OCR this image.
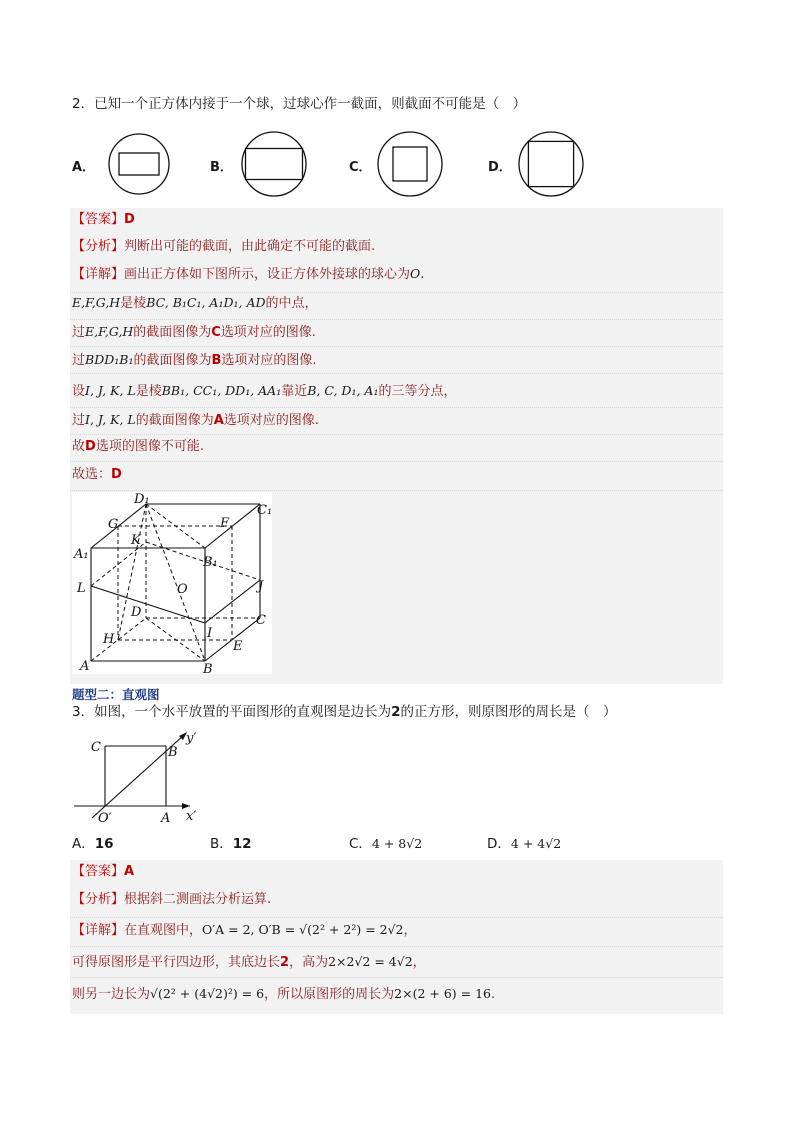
2．已知一个正方体内接于一个球，过球心作一截面，则截面不可能是（　）
A．	B．	C．	D．
【答案】D
【分析】判断出可能的截面，由此确定不可能的截面.
【详解】画出正方体如下图所示，设正方体外接球的球心为O.
E,F,G,H是棱BC, B₁C₁, A₁D₁, AD的中点，
过E,F,G,H的截面图像为C选项对应的图像.
过BDD₁B₁的截面图像为B选项对应的图像.
设I, J, K, L是棱BB₁, CC₁, DD₁, AA₁靠近B, C, D₁, A₁的三等分点，
过I, J, K, L的截面图像为A选项对应的图像.
故D选项的图像不可能.
故选：D
D₁
C₁
G	F
K
A₁
B₁
L	O	J
D
C
H	I
E
A	B
题型二：直观图
3．如图，一个水平放置的平面图形的直观图是边长为2的正方形，则原图形的周长是（　）
C	B
y′
O′	A x′
A．16	B．12	C．4 + 8√2	D．4 + 4√2
【答案】A
【分析】根据斜二测画法分析运算.
【详解】在直观图中，O′A = 2, O′B = √(2² + 2²) = 2√2，
可得原图形是平行四边形，其底边长2，高为2×2√2 = 4√2，
则另一边长为√(2² + (4√2)²) = 6，所以原图形的周长为2×(2 + 6) = 16.
